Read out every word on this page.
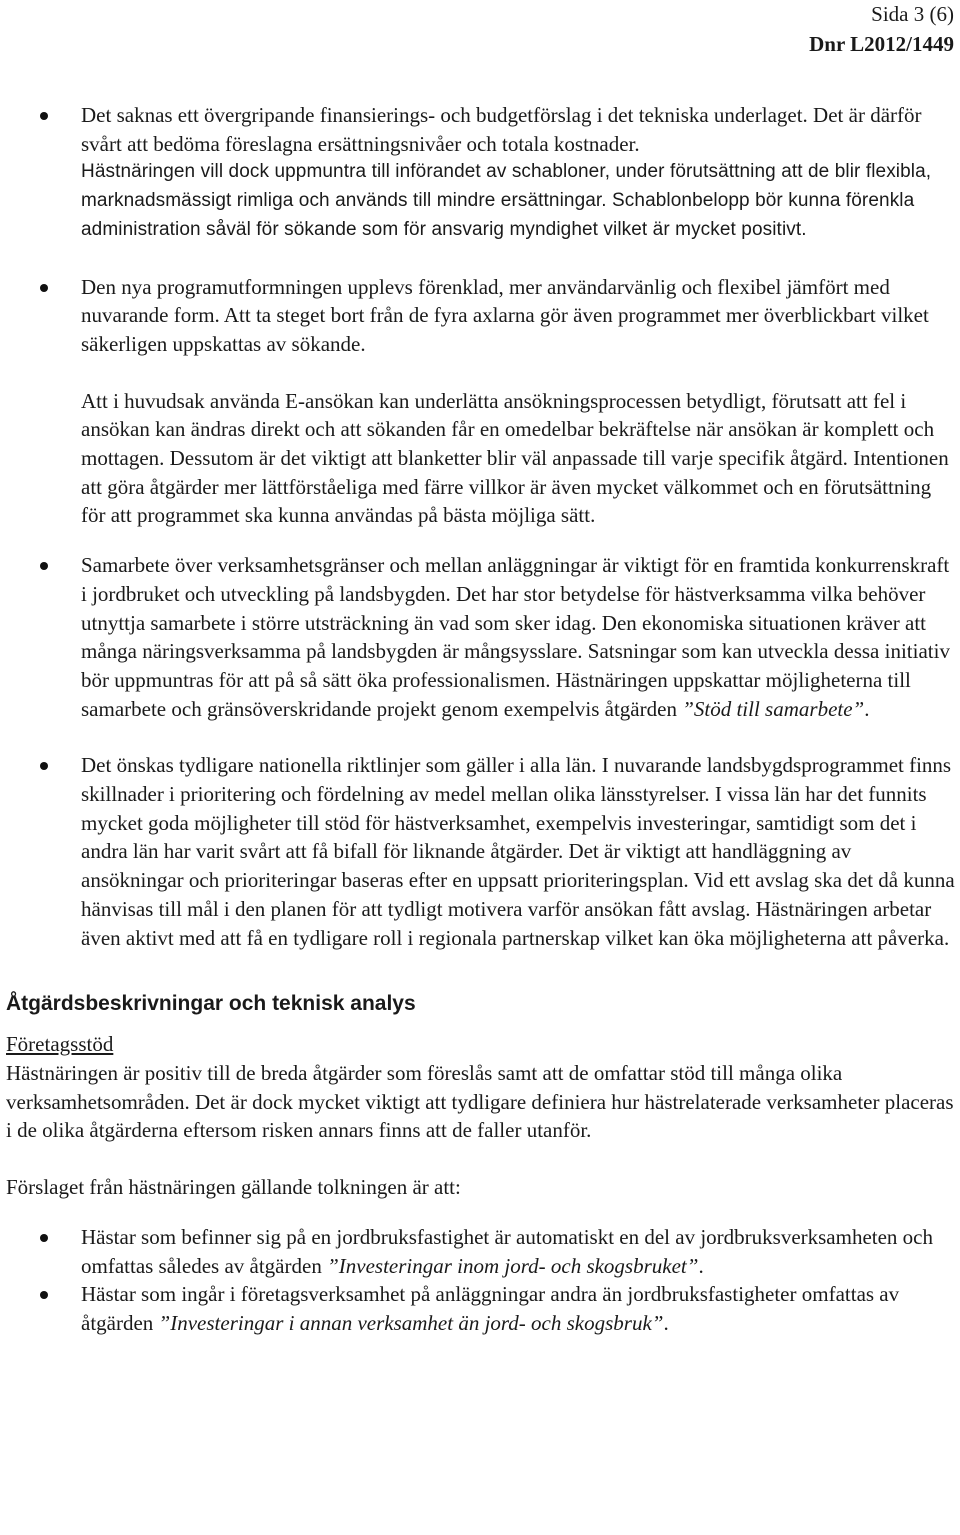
Sida 3 (6)
Dnr L2012/1449

Det saknas ett övergripande finansierings- och budgetförslag i det tekniska underlaget. Det är därför svårt att bedöma föreslagna ersättningsnivåer och totala kostnader.

Hästnäringen vill dock uppmuntra till införandet av schabloner, under förutsättning att de blir flexibla, marknadsmässigt rimliga och används till mindre ersättningar. Schablonbelopp bör kunna förenkla administration såväl för sökande som för ansvarig myndighet vilket är mycket positivt.

Den nya programutformningen upplevs förenklad, mer användarvänlig och flexibel jämfört med nuvarande form. Att ta steget bort från de fyra axlarna gör även programmet mer överblickbart vilket säkerligen uppskattas av sökande.

Att i huvudsak använda E-ansökan kan underlätta ansökningsprocessen betydligt, förutsatt att fel i ansökan kan ändras direkt och att sökanden får en omedelbar bekräftelse när ansökan är komplett och mottagen. Dessutom är det viktigt att blanketter blir väl anpassade till varje specifik åtgärd. Intentionen att göra åtgärder mer lättförståeliga med färre villkor är även mycket välkommet och en förutsättning för att programmet ska kunna användas på bästa möjliga sätt.

Samarbete över verksamhetsgränser och mellan anläggningar är viktigt för en framtida konkurrenskraft i jordbruket och utveckling på landsbygden. Det har stor betydelse för hästverksamma vilka behöver utnyttja samarbete i större utsträckning än vad som sker idag. Den ekonomiska situationen kräver att många näringsverksamma på landsbygden är mångsysslare. Satsningar som kan utveckla dessa initiativ bör uppmuntras för att på så sätt öka professionalismen. Hästnäringen uppskattar möjligheterna till samarbete och gränsöverskridande projekt genom exempelvis åtgärden ”Stöd till samarbete”.

Det önskas tydligare nationella riktlinjer som gäller i alla län. I nuvarande landsbygdsprogrammet finns skillnader i prioritering och fördelning av medel mellan olika länsstyrelser. I vissa län har det funnits mycket goda möjligheter till stöd för hästverksamhet, exempelvis investeringar, samtidigt som det i andra län har varit svårt att få bifall för liknande åtgärder. Det är viktigt att handläggning av ansökningar och prioriteringar baseras efter en uppsatt prioriteringsplan. Vid ett avslag ska det då kunna hänvisas till mål i den planen för att tydligt motivera varför ansökan fått avslag. Hästnäringen arbetar även aktivt med att få en tydligare roll i regionala partnerskap vilket kan öka möjligheterna att påverka.

Åtgärdsbeskrivningar och teknisk analys
Företagsstöd

Hästnäringen är positiv till de breda åtgärder som föreslås samt att de omfattar stöd till många olika verksamhetsområden. Det är dock mycket viktigt att tydligare definiera hur hästrelaterade verksamheter placeras i de olika åtgärderna eftersom risken annars finns att de faller utanför.

Förslaget från hästnäringen gällande tolkningen är att:

Hästar som befinner sig på en jordbruksfastighet är automatiskt en del av jordbruksverksamheten och omfattas således av åtgärden ”Investeringar inom jord- och skogsbruket”.

Hästar som ingår i företagsverksamhet på anläggningar andra än jordbruksfastigheter omfattas av åtgärden ”Investeringar i annan verksamhet än jord- och skogsbruk”.
